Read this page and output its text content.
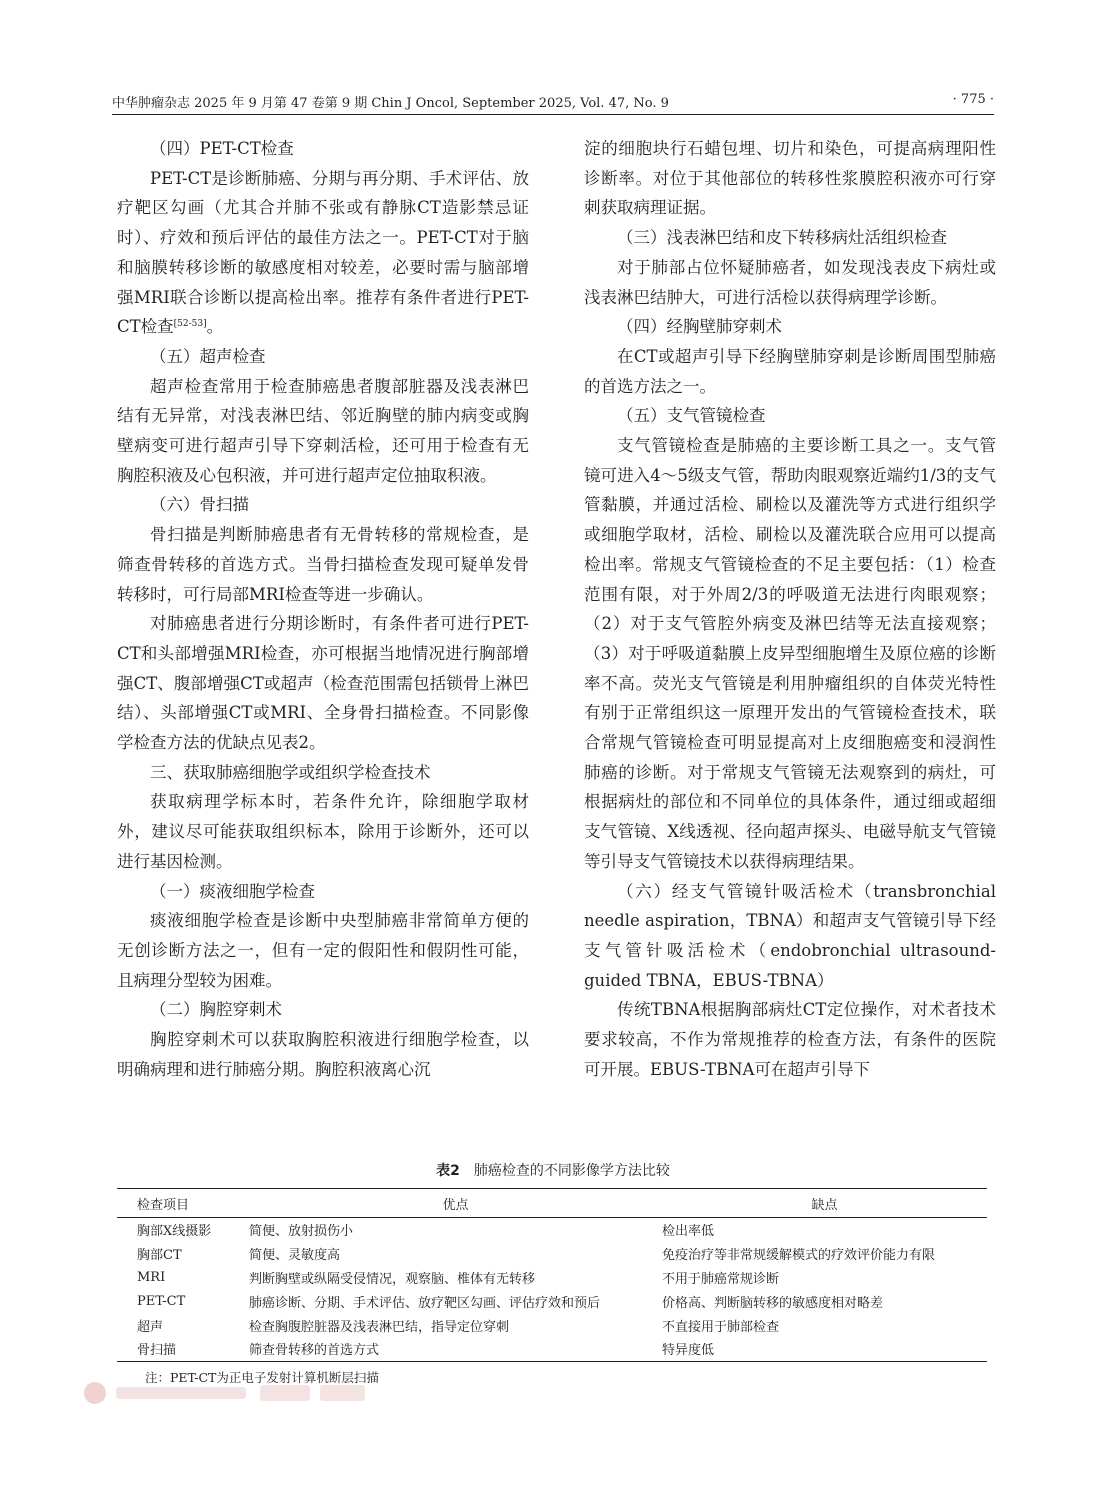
中华肿瘤杂志 2025 年 9 月第 47 卷第 9 期 Chin J Oncol, September 2025, Vol. 47, No. 9	· 775 ·

（四）PET-CT检查

PET-CT是诊断肺癌、分期与再分期、手术评估、放疗靶区勾画（尤其合并肺不张或有静脉CT造影禁忌证时）、疗效和预后评估的最佳方法之一。PET-CT对于脑和脑膜转移诊断的敏感度相对较差，必要时需与脑部增强MRI联合诊断以提高检出率。推荐有条件者进行PET-CT检查[52-53]。

（五）超声检查

超声检查常用于检查肺癌患者腹部脏器及浅表淋巴结有无异常，对浅表淋巴结、邻近胸壁的肺内病变或胸壁病变可进行超声引导下穿刺活检，还可用于检查有无胸腔积液及心包积液，并可进行超声定位抽取积液。

（六）骨扫描

骨扫描是判断肺癌患者有无骨转移的常规检查，是筛查骨转移的首选方式。当骨扫描检查发现可疑单发骨转移时，可行局部MRI检查等进一步确认。

对肺癌患者进行分期诊断时，有条件者可进行PET-CT和头部增强MRI检查，亦可根据当地情况进行胸部增强CT、腹部增强CT或超声（检查范围需包括锁骨上淋巴结）、头部增强CT或MRI、全身骨扫描检查。不同影像学检查方法的优缺点见表2。

三、获取肺癌细胞学或组织学检查技术

获取病理学标本时，若条件允许，除细胞学取材外，建议尽可能获取组织标本，除用于诊断外，还可以进行基因检测。

（一）痰液细胞学检查

痰液细胞学检查是诊断中央型肺癌非常简单方便的无创诊断方法之一，但有一定的假阳性和假阴性可能，且病理分型较为困难。

（二）胸腔穿刺术

胸腔穿刺术可以获取胸腔积液进行细胞学检查，以明确病理和进行肺癌分期。胸腔积液离心沉

淀的细胞块行石蜡包埋、切片和染色，可提高病理阳性诊断率。对位于其他部位的转移性浆膜腔积液亦可行穿刺获取病理证据。

（三）浅表淋巴结和皮下转移病灶活组织检查

对于肺部占位怀疑肺癌者，如发现浅表皮下病灶或浅表淋巴结肿大，可进行活检以获得病理学诊断。

（四）经胸壁肺穿刺术

在CT或超声引导下经胸壁肺穿刺是诊断周围型肺癌的首选方法之一。

（五）支气管镜检查

支气管镜检查是肺癌的主要诊断工具之一。支气管镜可进入4～5级支气管，帮助肉眼观察近端约1/3的支气管黏膜，并通过活检、刷检以及灌洗等方式进行组织学或细胞学取材，活检、刷检以及灌洗联合应用可以提高检出率。常规支气管镜检查的不足主要包括：（1）检查范围有限，对于外周2/3的呼吸道无法进行肉眼观察；（2）对于支气管腔外病变及淋巴结等无法直接观察；（3）对于呼吸道黏膜上皮异型细胞增生及原位癌的诊断率不高。荧光支气管镜是利用肿瘤组织的自体荧光特性有别于正常组织这一原理开发出的气管镜检查技术，联合常规气管镜检查可明显提高对上皮细胞癌变和浸润性肺癌的诊断。对于常规支气管镜无法观察到的病灶，可根据病灶的部位和不同单位的具体条件，通过细或超细支气管镜、X线透视、径向超声探头、电磁导航支气管镜等引导支气管镜技术以获得病理结果。

（六）经支气管镜针吸活检术（transbronchial needle aspiration，TBNA）和超声支气管镜引导下经支气管针吸活检术（endobronchial ultrasound-guided TBNA，EBUS-TBNA）

传统TBNA根据胸部病灶CT定位操作，对术者技术要求较高，不作为常规推荐的检查方法，有条件的医院可开展。EBUS-TBNA可在超声引导下

表2 肺癌检查的不同影像学方法比较
检查项目	优点	缺点
胸部X线摄影	简便、放射损伤小	检出率低
胸部CT	简便、灵敏度高	免疫治疗等非常规缓解模式的疗效评价能力有限
MRI	判断胸壁或纵隔受侵情况，观察脑、椎体有无转移	不用于肺癌常规诊断
PET-CT	肺癌诊断、分期、手术评估、放疗靶区勾画、评估疗效和预后	价格高、判断脑转移的敏感度相对略差
超声	检查胸腹腔脏器及浅表淋巴结，指导定位穿刺	不直接用于肺部检查
骨扫描	筛查骨转移的首选方式	特异度低
注：PET-CT为正电子发射计算机断层扫描
